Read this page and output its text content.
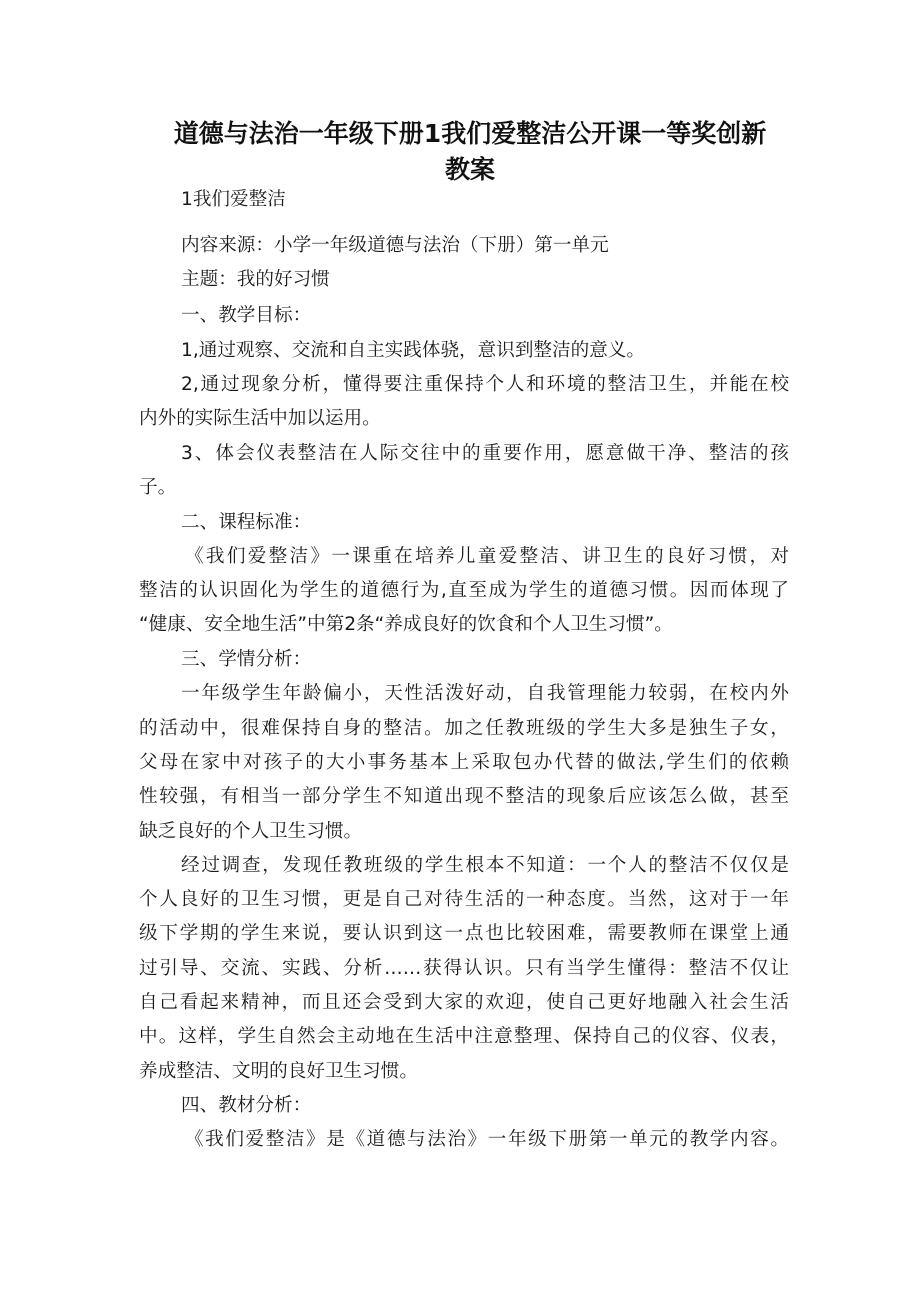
道德与法治一年级下册1我们爱整洁公开课一等奖创新
教案
1我们爱整洁
内容来源：小学一年级道德与法治（下册）第一单元
主题：我的好习惯
一、教学目标：
1,通过观察、交流和自主实践体骁，意识到整洁的意义。
2,通过现象分析，懂得要注重保持个人和环境的整洁卫生，并能在校
内外的实际生活中加以运用。
3、体会仪表整洁在人际交往中的重要作用，愿意做干净、整洁的孩
子。
二、课程标准：
《我们爱整洁》一课重在培养儿童爱整洁、讲卫生的良好习惯，对
整洁的认识固化为学生的道德行为,直至成为学生的道德习惯。因而体现了
“健康、安全地生活”中第2条“养成良好的饮食和个人卫生习惯”。
三、学情分析：
一年级学生年龄偏小，天性活泼好动，自我管理能力较弱，在校内外
的活动中，很难保持自身的整洁。加之任教班级的学生大多是独生子女，
父母在家中对孩子的大小事务基本上采取包办代替的做法,学生们的依赖
性较强，有相当一部分学生不知道出现不整洁的现象后应该怎么做，甚至
缺乏良好的个人卫生习惯。
经过调查，发现任教班级的学生根本不知道：一个人的整洁不仅仅是
个人良好的卫生习惯，更是自己对待生活的一种态度。当然，这对于一年
级下学期的学生来说，要认识到这一点也比较困难，需要教师在课堂上通
过引导、交流、实践、分析……获得认识。只有当学生懂得：整洁不仅让
自己看起来精神，而且还会受到大家的欢迎，使自己更好地融入社会生活
中。这样，学生自然会主动地在生活中注意整理、保持自己的仪容、仪表，
养成整洁、文明的良好卫生习惯。
四、教材分析：
《我们爱整洁》是《道德与法治》一年级下册第一单元的教学内容。
